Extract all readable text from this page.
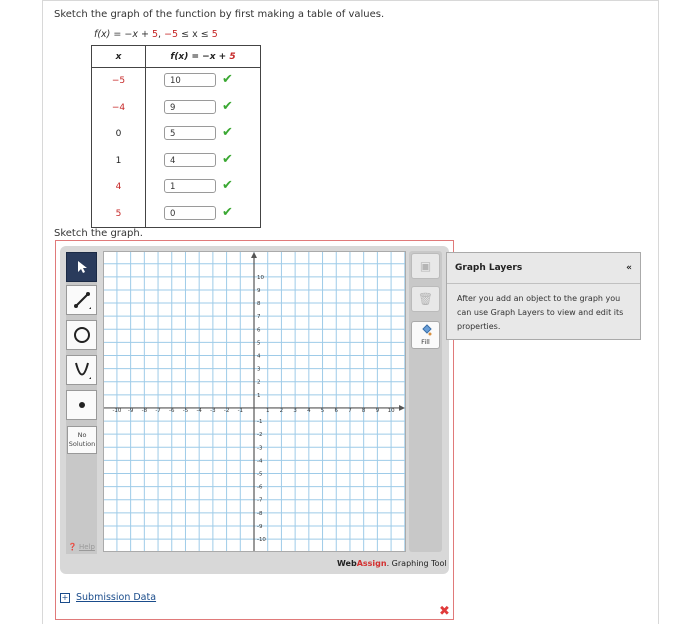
Sketch the graph of the function by first making a table of values.
f(x) = −x + 5, −5 ≤ x ≤ 5
x	f(x) = −x + 5
−5	10 ✔

−4	9 ✔

0	5 ✔

1	4 ✔

4	1 ✔

5	0 ✔
Sketch the graph.
No Solution
❓ Help
▣
🗑
Fill
-10 -9 -8 -7 -6 -5 -4 -3 -2 -1	1 2 3 4 5 6 7 8 9 10
10
9
8
7
6
5
4
3
2
1
-1
-2
-3
-4
-5
-6
-7
-8
-9
-10
WebAssign. Graphing Tool
Graph Layers	«
After you add an object to the graph you can use Graph Layers to view and edit its properties.
+ Submission Data
✖
